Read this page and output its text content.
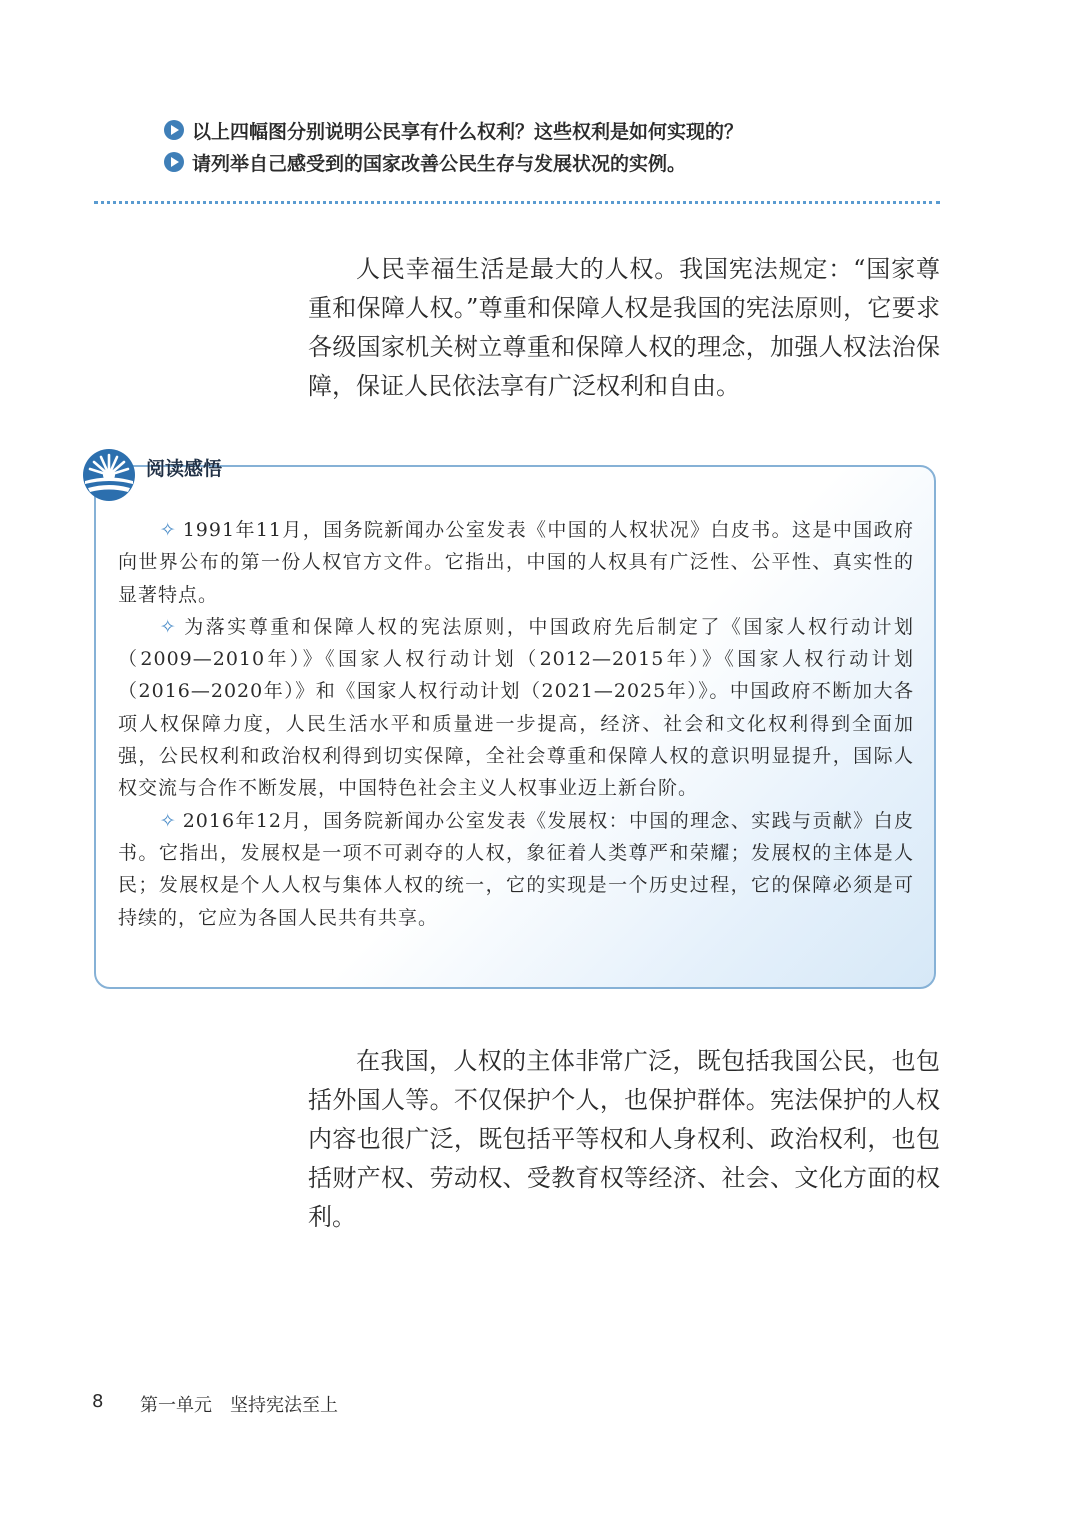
以上四幅图分别说明公民享有什么权利？这些权利是如何实现的？
请列举自己感受到的国家改善公民生存与发展状况的实例。

人民幸福生活是最大的人权。我国宪法规定：“国家尊重和保障人权。”尊重和保障人权是我国的宪法原则，它要求各级国家机关树立尊重和保障人权的理念，加强人权法治保障，保证人民依法享有广泛权利和自由。

阅读感悟

✧ 1991年11月，国务院新闻办公室发表《中国的人权状况》白皮书。这是中国政府向世界公布的第一份人权官方文件。它指出，中国的人权具有广泛性、公平性、真实性的显著特点。

✧ 为落实尊重和保障人权的宪法原则，中国政府先后制定了《国家人权行动计划（2009—2010年）》《国家人权行动计划（2012—2015年）》《国家人权行动计划（2016—2020年）》和《国家人权行动计划（2021—2025年）》。中国政府不断加大各项人权保障力度，人民生活水平和质量进一步提高，经济、社会和文化权利得到全面加强，公民权利和政治权利得到切实保障，全社会尊重和保障人权的意识明显提升，国际人权交流与合作不断发展，中国特色社会主义人权事业迈上新台阶。

✧ 2016年12月，国务院新闻办公室发表《发展权：中国的理念、实践与贡献》白皮书。它指出，发展权是一项不可剥夺的人权，象征着人类尊严和荣耀；发展权的主体是人民；发展权是个人人权与集体人权的统一，它的实现是一个历史过程，它的保障必须是可持续的，它应为各国人民共有共享。

在我国，人权的主体非常广泛，既包括我国公民，也包括外国人等。不仅保护个人，也保护群体。宪法保护的人权内容也很广泛，既包括平等权和人身权利、政治权利，也包括财产权、劳动权、受教育权等经济、社会、文化方面的权利。

8	第一单元 坚持宪法至上
